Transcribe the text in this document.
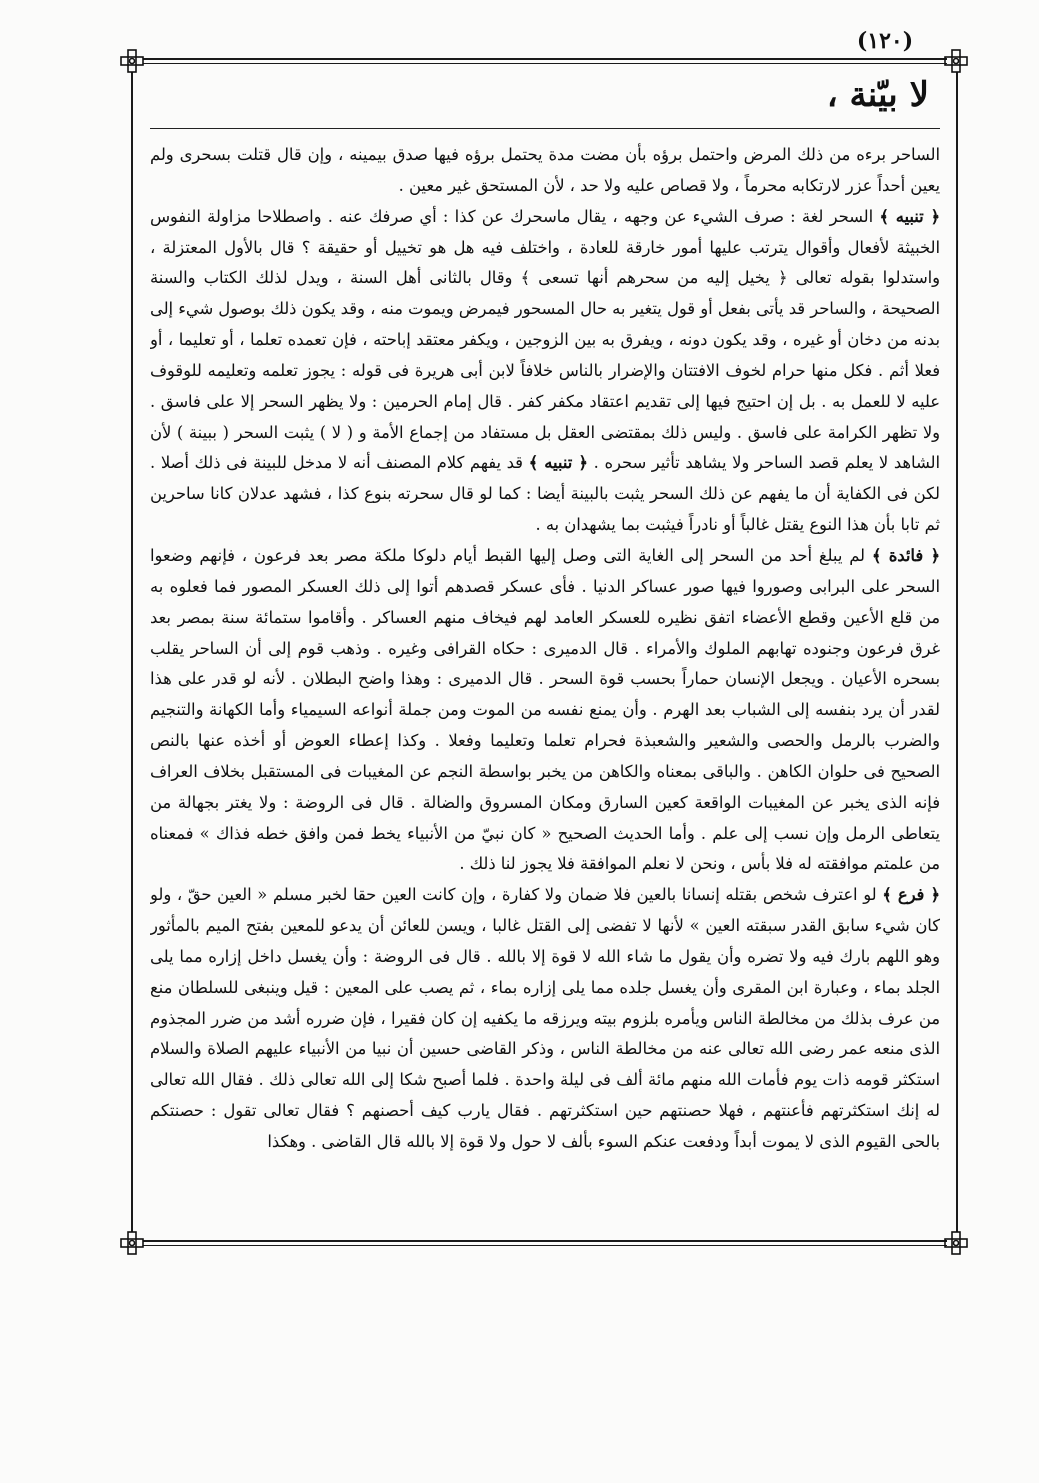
(١٢٠)
لا بيّنة ،

الساحر برءه من ذلك المرض واحتمل برؤه بأن مضت مدة يحتمل برؤه فيها صدق بيمينه ، وإن قال قتلت بسحرى ولم يعين أحداً عزر لارتكابه محرماً ، ولا قصاص عليه ولا حد ، لأن المستحق غير معين .

﴿ تنبيه ﴾ السحر لغة : صرف الشيء عن وجهه ، يقال ماسحرك عن كذا : أي صرفك عنه . واصطلاحا مزاولة النفوس الخبيثة لأفعال وأقوال يترتب عليها أمور خارقة للعادة ، واختلف فيه هل هو تخييل أو حقيقة ؟ قال بالأول المعتزلة ، واستدلوا بقوله تعالى ﴿ يخيل إليه من سحرهم أنها تسعى ﴾ وقال بالثانى أهل السنة ، ويدل لذلك الكتاب والسنة الصحيحة ، والساحر قد يأتى بفعل أو قول يتغير به حال المسحور فيمرض ويموت منه ، وقد يكون ذلك بوصول شيء إلى بدنه من دخان أو غيره ، وقد يكون دونه ، ويفرق به بين الزوجين ، ويكفر معتقد إباحته ، فإن تعمده تعلما ، أو تعليما ، أو فعلا أثم . فكل منها حرام لخوف الافتتان والإضرار بالناس خلافاً لابن أبى هريرة فى قوله : يجوز تعلمه وتعليمه للوقوف عليه لا للعمل به . بل إن احتيج فيها إلى تقديم اعتقاد مكفر كفر . قال إمام الحرمين : ولا يظهر السحر إلا على فاسق . ولا تظهر الكرامة على فاسق . وليس ذلك بمقتضى العقل بل مستفاد من إجماع الأمة و ( لا ) يثبت السحر ( ببينة ) لأن الشاهد لا يعلم قصد الساحر ولا يشاهد تأثير سحره . ﴿ تنبيه ﴾ قد يفهم كلام المصنف أنه لا مدخل للبينة فى ذلك أصلا . لكن فى الكفاية أن ما يفهم عن ذلك السحر يثبت بالبينة أيضا : كما لو قال سحرته بنوع كذا ، فشهد عدلان كانا ساحرين ثم تابا بأن هذا النوع يقتل غالباً أو نادراً فيثبت بما يشهدان به .

﴿ فائدة ﴾ لم يبلغ أحد من السحر إلى الغاية التى وصل إليها القبط أيام دلوكا ملكة مصر بعد فرعون ، فإنهم وضعوا السحر على البرابى وصوروا فيها صور عساكر الدنيا . فأى عسكر قصدهم أتوا إلى ذلك العسكر المصور فما فعلوه به من قلع الأعين وقطع الأعضاء اتفق نظيره للعسكر العامد لهم فيخاف منهم العساكر . وأقاموا ستمائة سنة بمصر بعد غرق فرعون وجنوده تهابهم الملوك والأمراء . قال الدميرى : حكاه القرافى وغيره . وذهب قوم إلى أن الساحر يقلب بسحره الأعيان . ويجعل الإنسان حماراً بحسب قوة السحر . قال الدميرى : وهذا واضح البطلان . لأنه لو قدر على هذا لقدر أن يرد بنفسه إلى الشباب بعد الهرم . وأن يمنع نفسه من الموت ومن جملة أنواعه السيمياء وأما الكهانة والتنجيم والضرب بالرمل والحصى والشعير والشعبذة فحرام تعلما وتعليما وفعلا . وكذا إعطاء العوض أو أخذه عنها بالنص الصحيح فى حلوان الكاهن . والباقى بمعناه والكاهن من يخبر بواسطة النجم عن المغيبات فى المستقبل بخلاف العراف فإنه الذى يخبر عن المغيبات الواقعة كعين السارق ومكان المسروق والضالة . قال فى الروضة : ولا يغتر بجهالة من يتعاطى الرمل وإن نسب إلى علم . وأما الحديث الصحيح « كان نبيّ من الأنبياء يخط فمن وافق خطه فذاك » فمعناه من علمتم موافقته له فلا بأس ، ونحن لا نعلم الموافقة فلا يجوز لنا ذلك .

﴿ فرع ﴾ لو اعترف شخص بقتله إنسانا بالعين فلا ضمان ولا كفارة ، وإن كانت العين حقا لخبر مسلم « العين حقّ ، ولو كان شيء سابق القدر سبقته العين » لأنها لا تفضى إلى القتل غالبا ، ويسن للعائن أن يدعو للمعين بفتح الميم بالمأثور وهو اللهم بارك فيه ولا تضره وأن يقول ما شاء الله لا قوة إلا بالله . قال فى الروضة : وأن يغسل داخل إزاره مما يلى الجلد بماء ، وعبارة ابن المقرى وأن يغسل جلده مما يلى إزاره بماء ، ثم يصب على المعين : قيل وينبغى للسلطان منع من عرف بذلك من مخالطة الناس ويأمره بلزوم بيته ويرزقه ما يكفيه إن كان فقيرا ، فإن ضرره أشد من ضرر المجذوم الذى منعه عمر رضى الله تعالى عنه من مخالطة الناس ، وذكر القاضى حسين أن نبيا من الأنبياء عليهم الصلاة والسلام استكثر قومه ذات يوم فأمات الله منهم مائة ألف فى ليلة واحدة . فلما أصبح شكا إلى الله تعالى ذلك . فقال الله تعالى له إنك استكثرتهم فأعنتهم ، فهلا حصنتهم حين استكثرتهم . فقال يارب كيف أحصنهم ؟ فقال تعالى تقول : حصنتكم بالحى القيوم الذى لا يموت أبداً ودفعت عنكم السوء بألف لا حول ولا قوة إلا بالله قال القاضى . وهكذا
